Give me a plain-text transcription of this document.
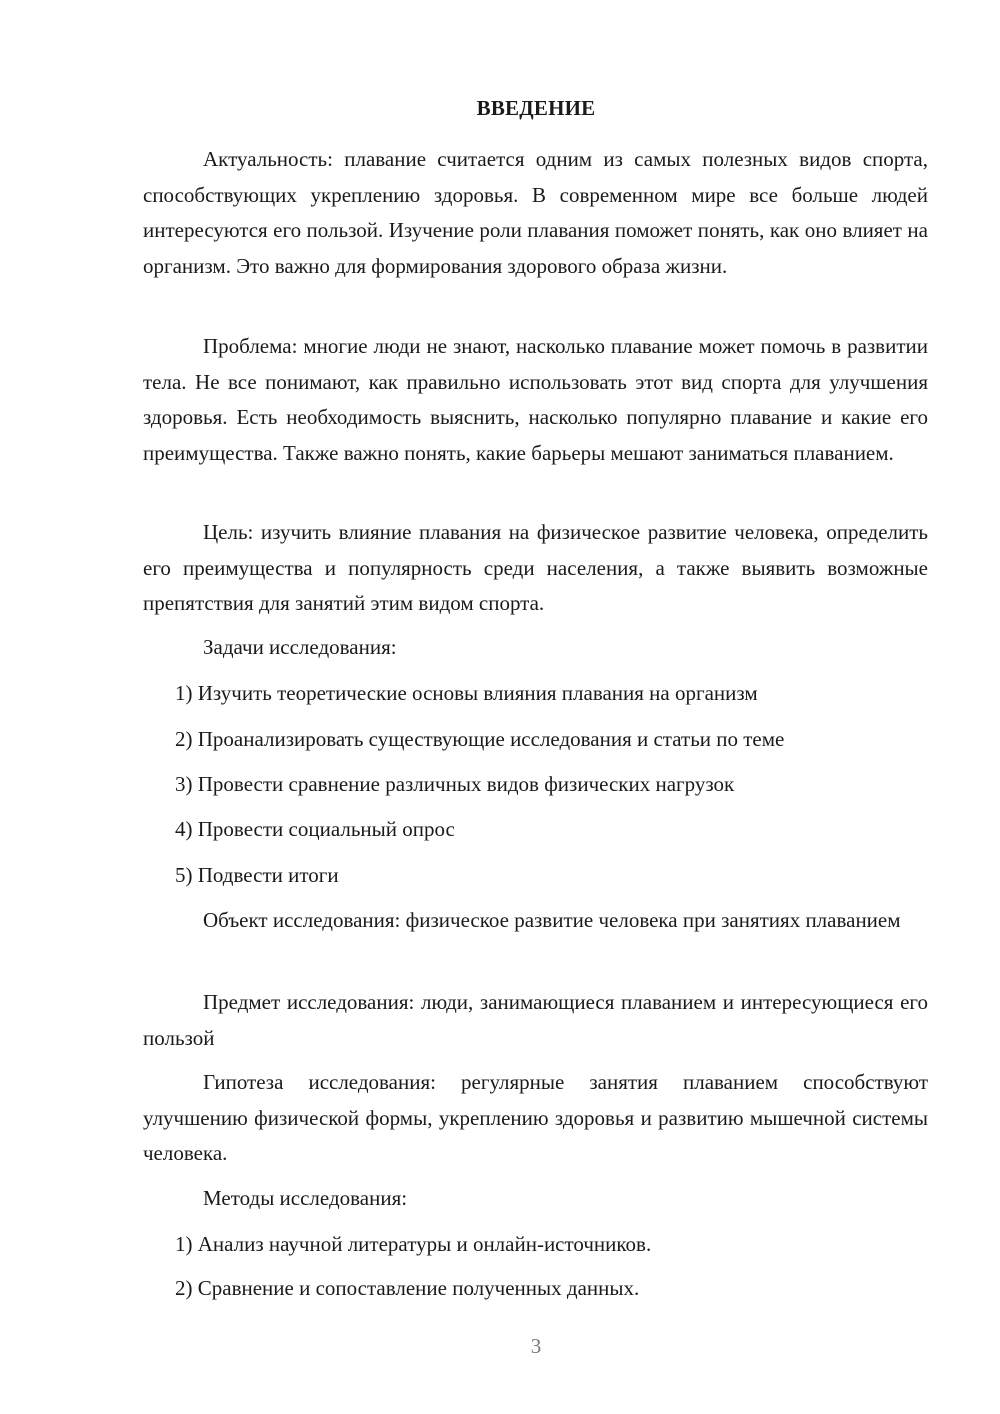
ВВЕДЕНИЕ

Актуальность: плавание считается одним из самых полезных видов спорта, способствующих укреплению здоровья. В современном мире все больше людей интересуются его пользой. Изучение роли плавания поможет понять, как оно влияет на организм. Это важно для формирования здорового образа жизни.

Проблема: многие люди не знают, насколько плавание может помочь в развитии тела. Не все понимают, как правильно использовать этот вид спорта для улучшения здоровья. Есть необходимость выяснить, насколько популярно плавание и какие его преимущества. Также важно понять, какие барьеры мешают заниматься плаванием.

Цель: изучить влияние плавания на физическое развитие человека, определить его преимущества и популярность среди населения, а также выявить возможные препятствия для занятий этим видом спорта.

Задачи исследования:
1) Изучить теоретические основы влияния плавания на организм
2) Проанализировать существующие исследования и статьи по теме
3) Провести сравнение различных видов физических нагрузок
4) Провести социальный опрос
5) Подвести итоги

Объект исследования: физическое развитие человека при занятиях плаванием

Предмет исследования: люди, занимающиеся плаванием и интересующиеся его пользой

Гипотеза исследования: регулярные занятия плаванием способствуют улучшению физической формы, укреплению здоровья и развитию мышечной системы человека.

Методы исследования:
1) Анализ научной литературы и онлайн-источников.
2) Сравнение и сопоставление полученных данных.
3
